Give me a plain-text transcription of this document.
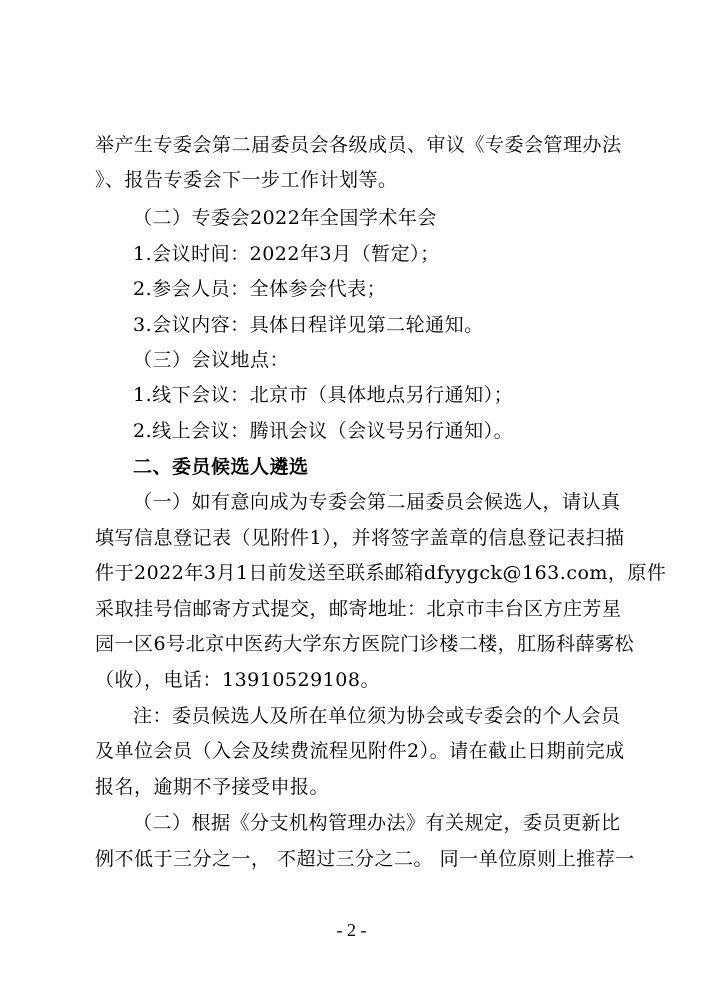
举产生专委会第二届委员会各级成员、审议《专委会管理办法
》、报告专委会下一步工作计划等。
（二）专委会2022年全国学术年会
1.会议时间：2022年3月（暂定）；
2.参会人员：全体参会代表；
3.会议内容：具体日程详见第二轮通知。
（三）会议地点：
1.线下会议：北京市（具体地点另行通知）；
2.线上会议：腾讯会议（会议号另行通知）。
二、委员候选人遴选
（一）如有意向成为专委会第二届委员会候选人，请认真
填写信息登记表（见附件1），并将签字盖章的信息登记表扫描
件于2022年3月1日前发送至联系邮箱dfyygck@163.com，原件
采取挂号信邮寄方式提交，邮寄地址：北京市丰台区方庄芳星
园一区6号北京中医药大学东方医院门诊楼二楼，肛肠科薛雾松
（收），电话：13910529108。
注：委员候选人及所在单位须为协会或专委会的个人会员
及单位会员（入会及续费流程见附件2）。请在截止日期前完成
报名，逾期不予接受申报。
（二）根据《分支机构管理办法》有关规定，委员更新比
例不低于三分之一， 不超过三分之二。 同一单位原则上推荐一
- 2 -
